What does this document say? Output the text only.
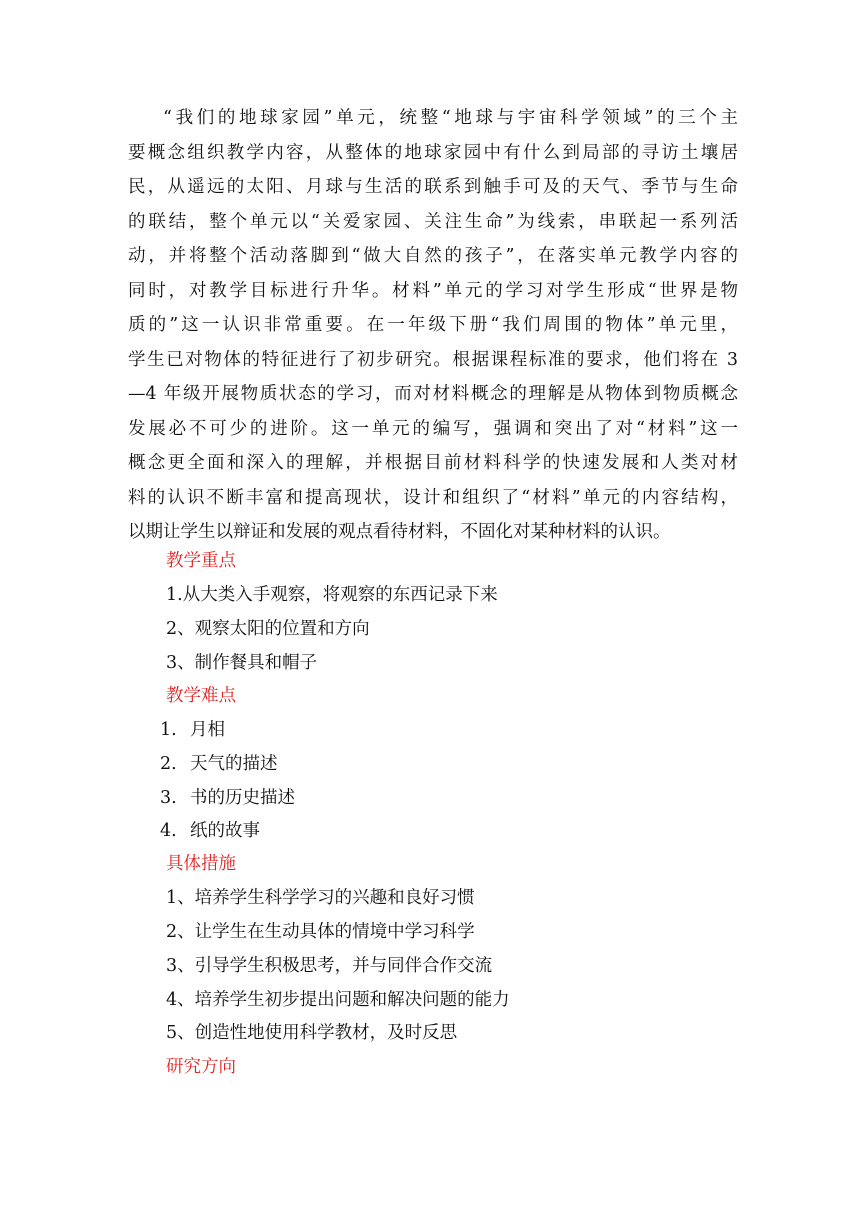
“我们的地球家园”单元，统整“地球与宇宙科学领域”的三个主
要概念组织教学内容，从整体的地球家园中有什么到局部的寻访土壤居
民，从遥远的太阳、月球与生活的联系到触手可及的天气、季节与生命
的联结，整个单元以“关爱家园、关注生命”为线索，串联起一系列活
动，并将整个活动落脚到“做大自然的孩子”，在落实单元教学内容的
同时，对教学目标进行升华。材料”单元的学习对学生形成“世界是物
质的”这一认识非常重要。在一年级下册“我们周围的物体”单元里，
学生已对物体的特征进行了初步研究。根据课程标准的要求，他们将在 3
—4 年级开展物质状态的学习，而对材料概念的理解是从物体到物质概念
发展必不可少的进阶。这一单元的编写，强调和突出了对“材料”这一
概念更全面和深入的理解，并根据目前材料科学的快速发展和人类对材
料的认识不断丰富和提高现状，设计和组织了“材料”单元的内容结构，
以期让学生以辩证和发展的观点看待材料，不固化对某种材料的认识。

教学重点

1.从大类入手观察，将观察的东西记录下来

2、观察太阳的位置和方向

3、制作餐具和帽子

教学难点

1. 月相

2. 天气的描述

3. 书的历史描述

4. 纸的故事

具体措施

1、培养学生科学学习的兴趣和良好习惯

2、让学生在生动具体的情境中学习科学

3、引导学生积极思考，并与同伴合作交流

4、培养学生初步提出问题和解决问题的能力

5、创造性地使用科学教材，及时反思

研究方向
